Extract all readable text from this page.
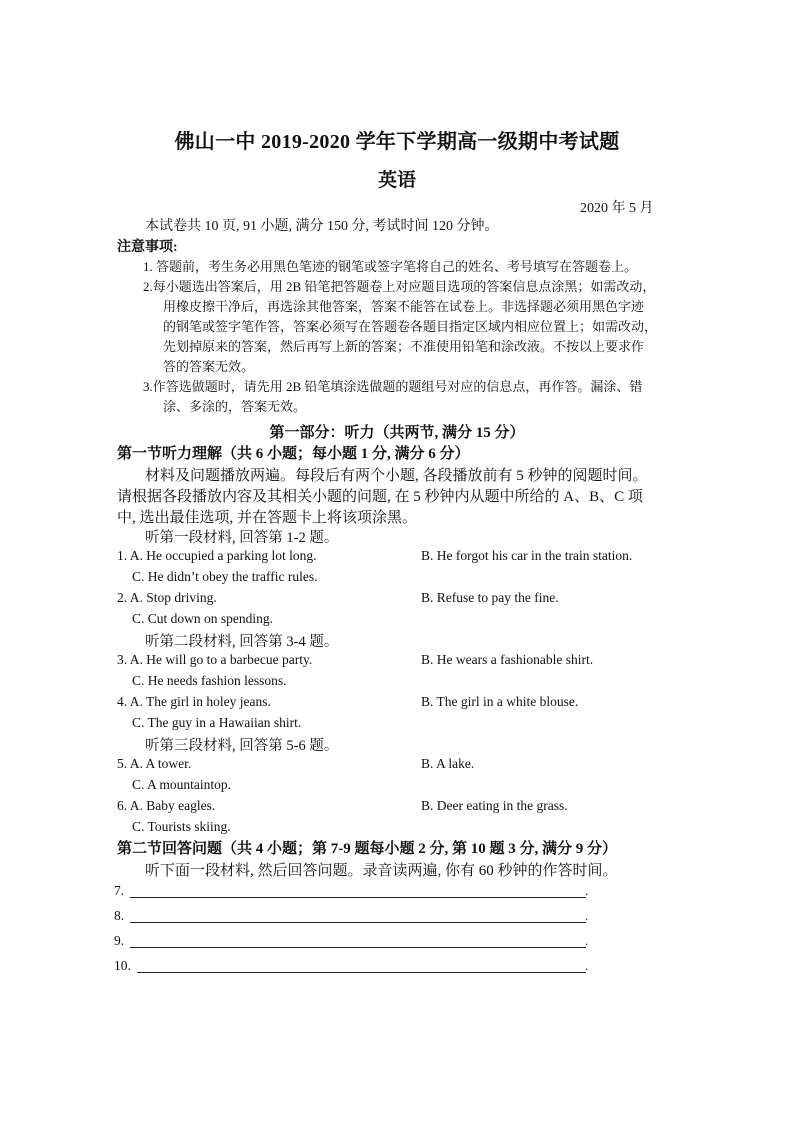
佛山一中 2019-2020 学年下学期高一级期中考试题
英语
2020 年 5 月
本试卷共 10 页, 91 小题, 满分 150 分, 考试时间 120 分钟。
注意事项:
1. 答题前，考生务必用黑色笔迹的钢笔或签字笔将自己的姓名、考号填写在答题卷上。
2.每小题选出答案后，用 2B 铅笔把答题卷上对应题目选项的答案信息点涂黑；如需改动，
用橡皮擦干净后，再选涂其他答案，答案不能答在试卷上。非选择题必须用黑色字迹
的钢笔或签字笔作答，答案必须写在答题卷各题目指定区域内相应位置上；如需改动，
先划掉原来的答案，然后再写上新的答案；不准使用铅笔和涂改液。不按以上要求作
答的答案无效。
3.作答选做题时，请先用 2B 铅笔填涂选做题的题组号对应的信息点，再作答。漏涂、错
涂、多涂的，答案无效。
第一部分：听力（共两节, 满分 15 分）
第一节听力理解（共 6 小题；每小题 1 分, 满分 6 分）
材料及问题播放两遍。每段后有两个小题, 各段播放前有 5 秒钟的阅题时间。
请根据各段播放内容及其相关小题的问题, 在 5 秒钟内从题中所给的 A、B、C 项
中, 选出最佳选项, 并在答题卡上将该项涂黑。
听第一段材料, 回答第 1-2 题。
1. A. He occupied a parking lot long.	B. He forgot his car in the train station.
C. He didn’t obey the traffic rules.
2. A. Stop driving.	B. Refuse to pay the fine.
C. Cut down on spending.
听第二段材料, 回答第 3-4 题。
3. A. He will go to a barbecue party.	B. He wears a fashionable shirt.
C. He needs fashion lessons.
4. A. The girl in holey jeans.	B. The girl in a white blouse.
C. The guy in a Hawaiian shirt.
听第三段材料, 回答第 5-6 题。
5. A. A tower.	B. A lake.
C. A mountaintop.
6. A. Baby eagles.	B. Deer eating in the grass.
C. Tourists skiing.
第二节回答问题（共 4 小题；第 7-9 题每小题 2 分, 第 10 题 3 分, 满分 9 分）
听下面一段材料, 然后回答问题。录音读两遍, 你有 60 秒钟的作答时间。
7.	.
8.	.
9.	.
10.	.
